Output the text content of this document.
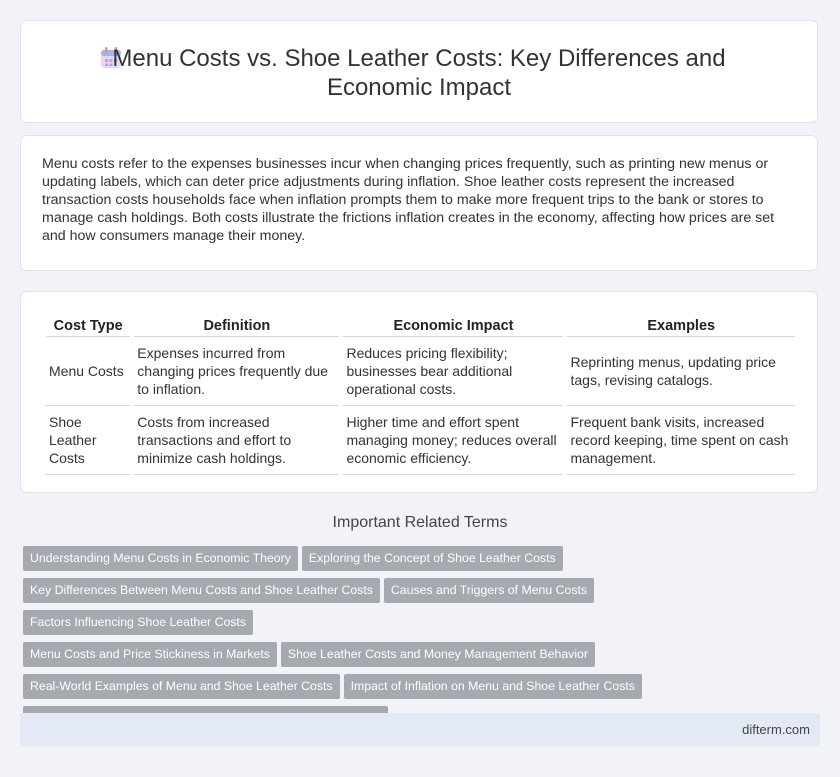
Menu Costs vs. Shoe Leather Costs: Key Differences and Economic Impact

Menu costs refer to the expenses businesses incur when changing prices frequently, such as printing new menus or updating labels, which can deter price adjustments during inflation. Shoe leather costs represent the increased transaction costs households face when inflation prompts them to make more frequent trips to the bank or stores to manage cash holdings. Both costs illustrate the frictions inflation creates in the economy, affecting how prices are set and how consumers manage their money.

Cost Type	Definition	Economic Impact	Examples
Menu Costs	Expenses incurred from changing prices frequently due to inflation.	Reduces pricing flexibility; businesses bear additional operational costs.	Reprinting menus, updating price tags, revising catalogs.
Shoe Leather Costs	Costs from increased transactions and effort to minimize cash holdings.	Higher time and effort spent managing money; reduces overall economic efficiency.	Frequent bank visits, increased record keeping, time spent on cash management.
Important Related Terms
Understanding Menu Costs in Economic Theory Exploring the Concept of Shoe Leather Costs
Key Differences Between Menu Costs and Shoe Leather Costs Causes and Triggers of Menu CostsFactors Influencing Shoe Leather Costs
Menu Costs and Price Stickiness in Markets Shoe Leather Costs and Money Management Behavior
Real-World Examples of Menu and Shoe Leather Costs Impact of Inflation on Menu and Shoe Leather Costs

difterm.com
